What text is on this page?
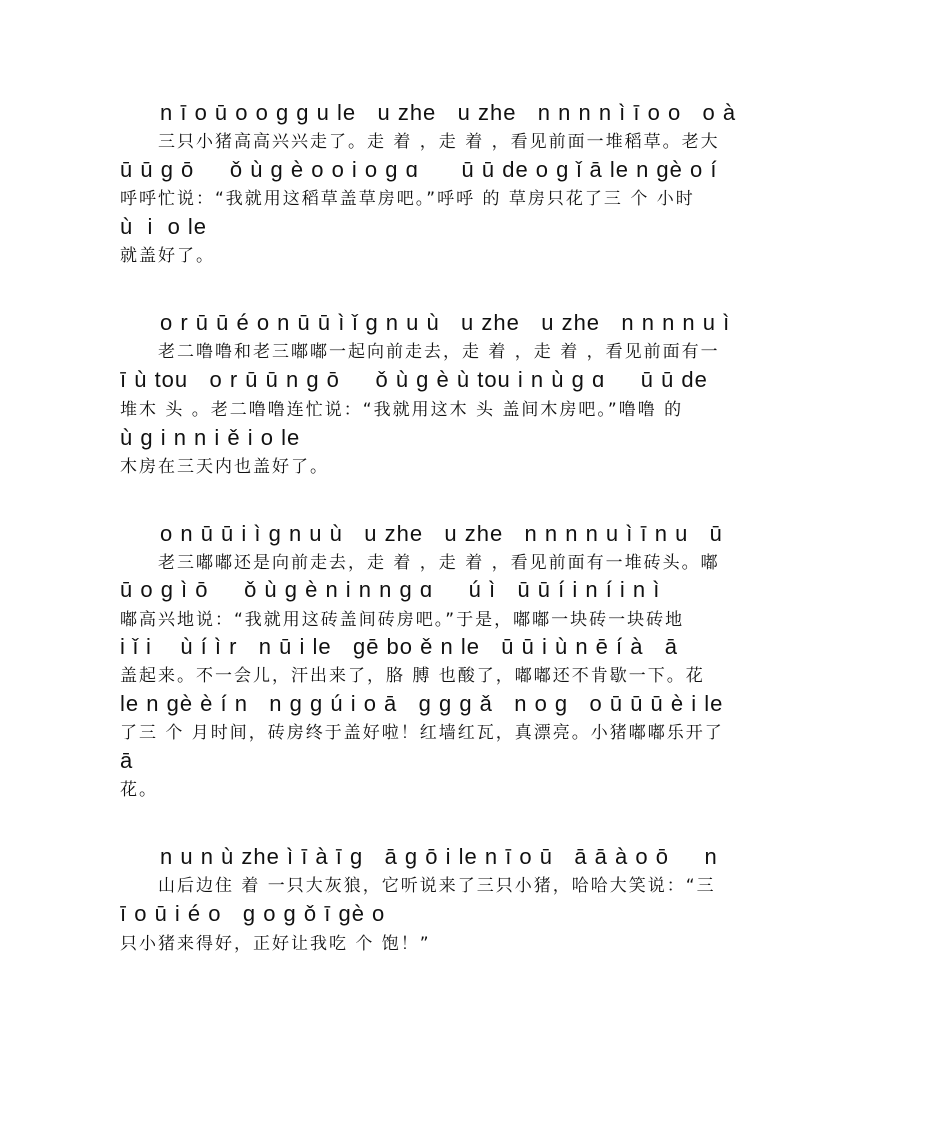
n ī o ū o o g g u le   u zhe   u zhe   n n n n ì ī o o   o à
三只小猪高高兴兴走了。走 着 ，走 着 ，看见前面一堆稻草。老大
ū ū g ō     ǒ ù g è o o i o g ɑ      ū ū de o g ǐ ā le n gè o í
呼呼忙说：“我就用这稻草盖草房吧。”呼呼 的 草房只花了三 个 小时
ù  i  o le
就盖好了。
o r ū ū é o n ū ū ì ǐ g n u ù   u zhe   u zhe   n n n n u ì
老二噜噜和老三嘟嘟一起向前走去，走 着 ，走 着 ，看见前面有一
ī ù tou   o r ū ū n g ō     ǒ ù g è ù tou i n ù g ɑ     ū ū de
堆木 头 。老二噜噜连忙说：“我就用这木 头 盖间木房吧。”噜噜 的
ù g i n n i ě i o le
木房在三天内也盖好了。
o n ū ū i ì g n u ù   u zhe   u zhe   n n n n u ì ī n u   ū
老三嘟嘟还是向前走去，走 着 ，走 着 ，看见前面有一堆砖头。嘟
ū o g ì ō     ǒ ù g è n i n n g ɑ     ú ì   ū ū í i n í i n ì
嘟高兴地说：“我就用这砖盖间砖房吧。”于是，嘟嘟一块砖一块砖地
i ǐ i    ù í ì r   n ū i le   gē bo ě n le   ū ū i ù n ē í à   ā
盖起来。不一会儿，汗出来了，胳 膊 也酸了，嘟嘟还不肯歇一下。花
le n gè è í n   n g g ú i o ā   g g g ǎ   n o g   o ū ū ū è i le
了三 个 月时间，砖房终于盖好啦！红墙红瓦，真漂亮。小猪嘟嘟乐开了
ā
花。
n u n ù zhe ì ī à ī g   ā g ō i le n ī o ū   ā ā à o ō     n
山后边住 着 一只大灰狼，它听说来了三只小猪，哈哈大笑说：“三
ī o ū i é o   g o g ǒ ī gè o
只小猪来得好，正好让我吃 个 饱！”
